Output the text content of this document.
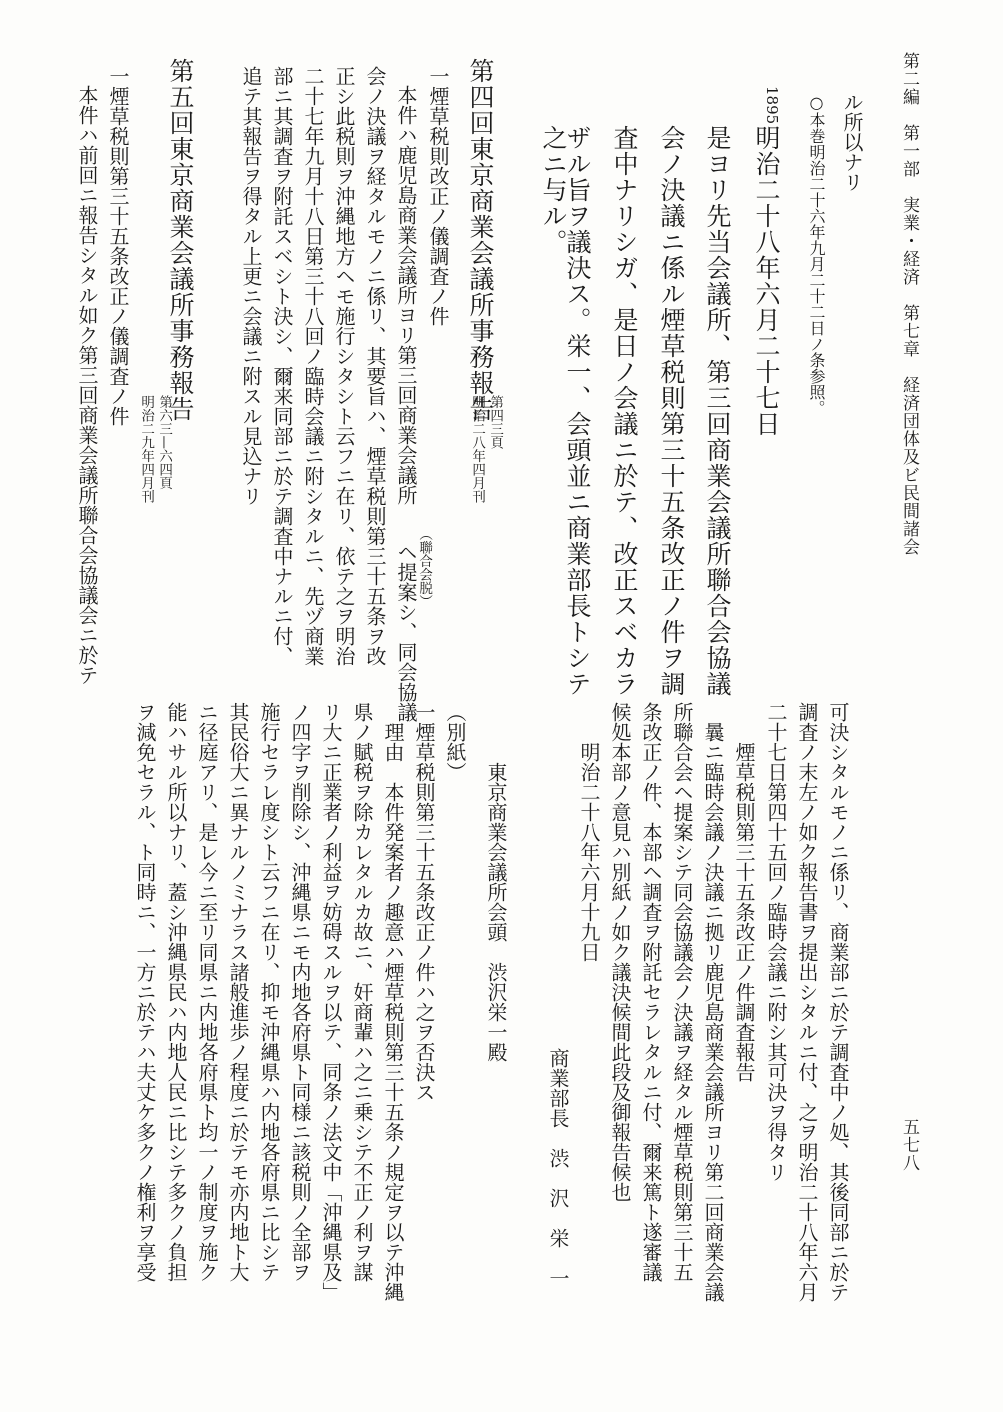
第二編　第一部　実業・経済　第七章　経済団体及ビ民間諸会
五七八
ル所以ナリ
○本巻明治二十六年九月二十二日ノ条参照。
1895
明治二十八年六月二十七日
是ヨリ先当会議所、第三回商業会議所聯合会協議
会ノ決議ニ係ル煙草税則第三十五条改正ノ件ヲ調
査中ナリシガ、是日ノ会議ニ於テ、改正スベカラ
ザル旨ヲ議決ス。栄一、会頭並ニ商業部長トシテ
之ニ与ル。
第四回東京商業会議所事務報告
第四三頁
明治二八年四月刊
一煙草税則改正ノ儀調査ノ件
本件ハ鹿児島商業会議所ヨリ第三回商業会議所
（聯合会脱）
ヘ提案シ、同会協議
会ノ決議ヲ経タルモノニ係リ、其要旨ハ、煙草税則第三十五条ヲ改
正シ此税則ヲ沖縄地方ヘモ施行シタシト云フニ在リ、依テ之ヲ明治
二十七年九月十八日第三十八回ノ臨時会議ニ附シタルニ、先ヅ商業
部ニ其調査ヲ附託スベシト決シ、爾来同部ニ於テ調査中ナルニ付、
追テ其報告ヲ得タル上更ニ会議ニ附スル見込ナリ
第五回東京商業会議所事務報告
第六三—六四頁
明治二九年四月刊
一煙草税則第三十五条改正ノ儀調査ノ件
本件ハ前回ニ報告シタル如ク第三回商業会議所聯合会協議会ニ於テ
可決シタルモノニ係リ、商業部ニ於テ調査中ノ処、其後同部ニ於テ
調査ノ末左ノ如ク報告書ヲ提出シタルニ付、之ヲ明治二十八年六月
二十七日第四十五回ノ臨時会議ニ附シ其可決ヲ得タリ
煙草税則第三十五条改正ノ件調査報告
曩ニ臨時会議ノ決議ニ拠リ鹿児島商業会議所ヨリ第二回商業会議
所聯合会ヘ提案シテ同会協議会ノ決議ヲ経タル煙草税則第三十五
条改正ノ件、本部ヘ調査ヲ附託セラレタルニ付、爾来篤ト遂審議
候処本部ノ意見ハ別紙ノ如ク議決候間此段及御報告候也
明治二十八年六月十九日
商業部長　渋　沢　栄　一
東京商業会議所会頭　渋沢栄一殿
（別紙）
一煙草税則第三十五条改正ノ件ハ之ヲ否決ス
理由　本件発案者ノ趣意ハ煙草税則第三十五条ノ規定ヲ以テ沖縄
県ノ賦税ヲ除カレタルカ故ニ、奸商輩ハ之ニ乗シテ不正ノ利ヲ謀
リ大ニ正業者ノ利益ヲ妨碍スルヲ以テ、同条ノ法文中「沖縄県及」
ノ四字ヲ削除シ、沖縄県ニモ内地各府県ト同様ニ該税則ノ全部ヲ
施行セラレ度シト云フニ在リ、抑モ沖縄県ハ内地各府県ニ比シテ
其民俗大ニ異ナルノミナラス諸般進歩ノ程度ニ於テモ亦内地ト大
ニ径庭アリ、是レ今ニ至リ同県ニ内地各府県ト均一ノ制度ヲ施ク
能ハサル所以ナリ、蓋シ沖縄県民ハ内地人民ニ比シテ多クノ負担
ヲ減免セラル、ト同時ニ、一方ニ於テハ夫丈ケ多クノ権利ヲ享受
